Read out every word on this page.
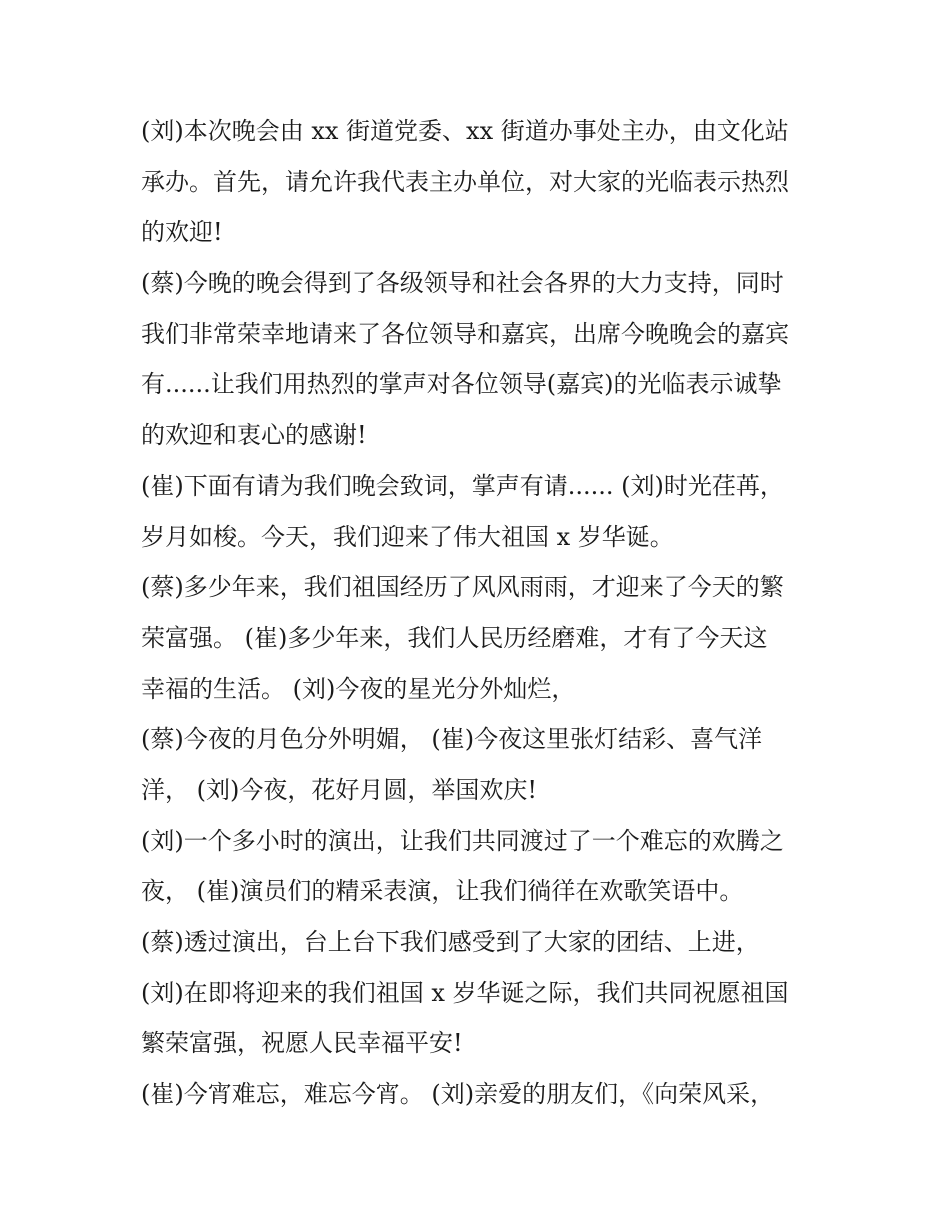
(刘)本次晚会由 xx 街道党委、xx 街道办事处主办，由文化站
承办。首先，请允许我代表主办单位，对大家的光临表示热烈
的欢迎!
(蔡)今晚的晚会得到了各级领导和社会各界的大力支持，同时
我们非常荣幸地请来了各位领导和嘉宾，出席今晚晚会的嘉宾
有......让我们用热烈的掌声对各位领导(嘉宾)的光临表示诚挚
的欢迎和衷心的感谢!
(崔)下面有请为我们晚会致词，掌声有请...... (刘)时光荏苒，
岁月如梭。今天，我们迎来了伟大祖国 x 岁华诞。
(蔡)多少年来，我们祖国经历了风风雨雨，才迎来了今天的繁
荣富强。 (崔)多少年来，我们人民历经磨难，才有了今天这
幸福的生活。 (刘)今夜的星光分外灿烂，
(蔡)今夜的月色分外明媚， (崔)今夜这里张灯结彩、喜气洋
洋， (刘)今夜，花好月圆，举国欢庆!
(刘)一个多小时的演出，让我们共同渡过了一个难忘的欢腾之
夜， (崔)演员们的精采表演，让我们徜徉在欢歌笑语中。
(蔡)透过演出，台上台下我们感受到了大家的团结、上进，
(刘)在即将迎来的我们祖国 x 岁华诞之际，我们共同祝愿祖国
繁荣富强，祝愿人民幸福平安!
(崔)今宵难忘，难忘今宵。 (刘)亲爱的朋友们，《向荣风采，
